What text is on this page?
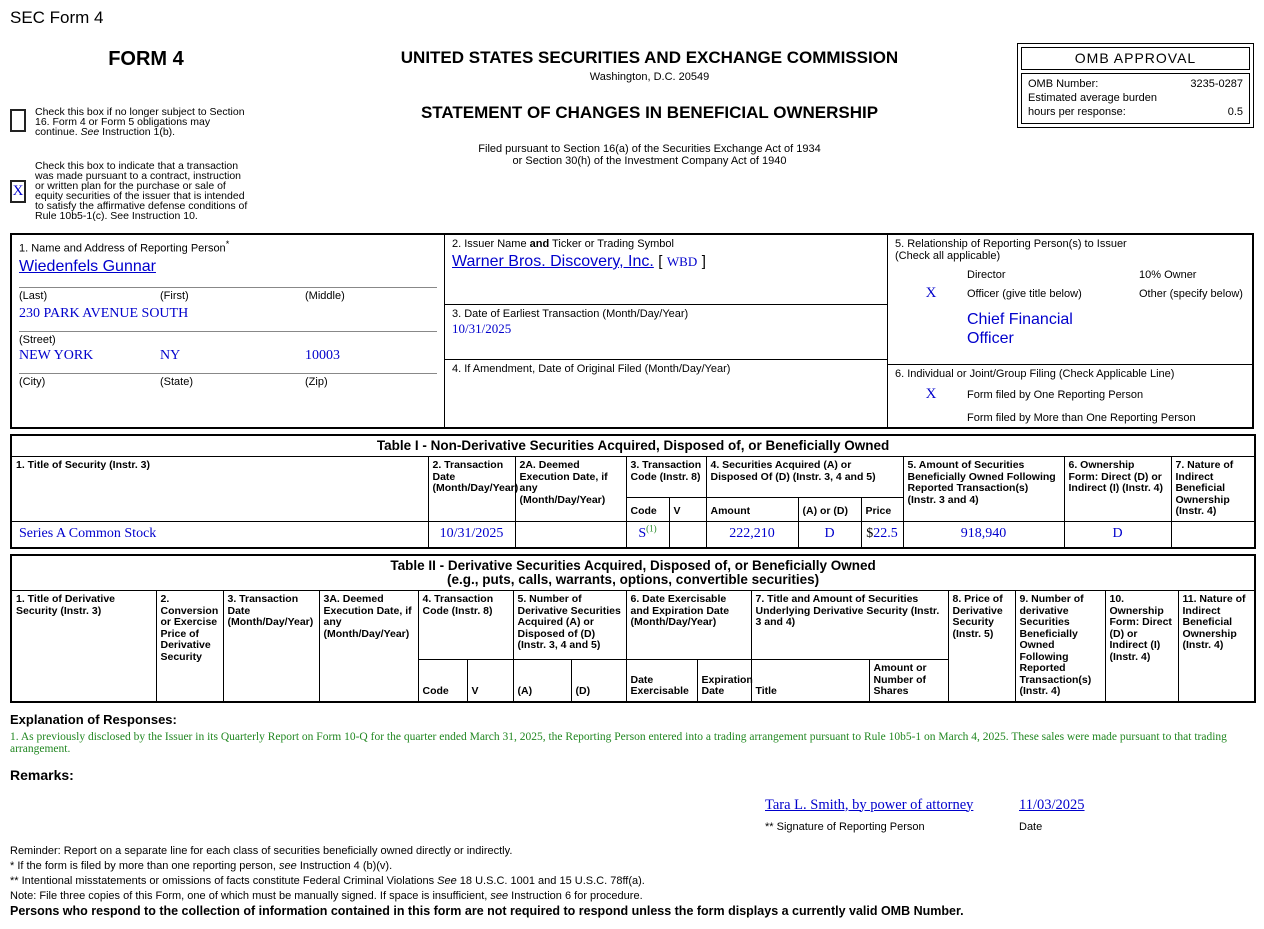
SEC Form 4
FORM 4
Check this box if no longer subject to Section 16. Form 4 or Form 5 obligations may continue. See Instruction 1(b).
X
Check this box to indicate that a transaction was made pursuant to a contract, instruction or written plan for the purchase or sale of equity securities of the issuer that is intended to satisfy the affirmative defense conditions of Rule 10b5-1(c). See Instruction 10.
UNITED STATES SECURITIES AND EXCHANGE COMMISSION
Washington, D.C. 20549
STATEMENT OF CHANGES IN BENEFICIAL OWNERSHIP
Filed pursuant to Section 16(a) of the Securities Exchange Act of 1934
or Section 30(h) of the Investment Company Act of 1940
OMB APPROVAL
OMB Number:	3235-0287
Estimated average burden
hours per response:	0.5
1. Name and Address of Reporting Person*
Wiedenfels Gunnar
(Last)	(First)	(Middle)
230 PARK AVENUE SOUTH
(Street)
NEW YORK	NY	10003
(City)	(State)	(Zip)
2. Issuer Name and Ticker or Trading Symbol
Warner Bros. Discovery, Inc. [ WBD ]
3. Date of Earliest Transaction (Month/Day/Year)
10/31/2025
4. If Amendment, Date of Original Filed (Month/Day/Year)
5. Relationship of Reporting Person(s) to Issuer
(Check all applicable)
Director	10% Owner
X	Officer (give title below)	Other (specify below)
Chief Financial Officer
6. Individual or Joint/Group Filing (Check Applicable Line)
X	Form filed by One Reporting Person
Form filed by More than One Reporting Person
Table I - Non-Derivative Securities Acquired, Disposed of, or Beneficially Owned										
1. Title of Security (Instr. 3)	2. Transaction Date (Month/Day/Year)	2A. Deemed Execution Date, if any (Month/Day/Year)	3. Transaction Code (Instr. 8)		4. Securities Acquired (A) or Disposed Of (D) (Instr. 3, 4 and 5)			5. Amount of Securities Beneficially Owned Following Reported Transaction(s) (Instr. 3 and 4)	6. Ownership Form: Direct (D) or Indirect (I) (Instr. 4)	7. Nature of Indirect Beneficial Ownership (Instr. 4)
			Code	V	Amount	(A) or (D)	Price			
Series A Common Stock	10/31/2025		S$^{(1)}$		222,210	D	$22.5	918,940	D	
Table II - Derivative Securities Acquired, Disposed of, or Beneficially Owned
(e.g., puts, calls, warrants, options, convertible securities)															

1. Title of Derivative Security (Instr. 3)	2. Conversion or Exercise Price of Derivative Security	3. Transaction Date (Month/Day/Year)	3A. Deemed Execution Date, if any (Month/Day/Year)	4. Transaction Code (Instr. 8)		5. Number of Derivative Securities Acquired (A) or Disposed of (D) (Instr. 3, 4 and 5)		6. Date Exercisable and Expiration Date (Month/Day/Year)		7. Title and Amount of Securities Underlying Derivative Security (Instr. 3 and 4)		8. Price of Derivative Security (Instr. 5)	9. Number of derivative Securities Beneficially Owned Following Reported Transaction(s) (Instr. 4)	10. Ownership Form: Direct (D) or Indirect (I) (Instr. 4)	11. Nature of Indirect Beneficial Ownership (Instr. 4)
				Code	V	(A)	(D)	Date Exercisable	Expiration Date	Title	Amount or Number of Shares				
Explanation of Responses:
1. As previously disclosed by the Issuer in its Quarterly Report on Form 10-Q for the quarter ended March 31, 2025, the Reporting Person entered into a trading arrangement pursuant to Rule 10b5-1 on March 4, 2025. These sales were made pursuant to that trading arrangement.
Remarks:
Tara L. Smith, by power of attorney
** Signature of Reporting Person
11/03/2025
Date
Reminder: Report on a separate line for each class of securities beneficially owned directly or indirectly.
* If the form is filed by more than one reporting person, see Instruction 4 (b)(v).
** Intentional misstatements or omissions of facts constitute Federal Criminal Violations See 18 U.S.C. 1001 and 15 U.S.C. 78ff(a).
Note: File three copies of this Form, one of which must be manually signed. If space is insufficient, see Instruction 6 for procedure.
Persons who respond to the collection of information contained in this form are not required to respond unless the form displays a currently valid OMB Number.
